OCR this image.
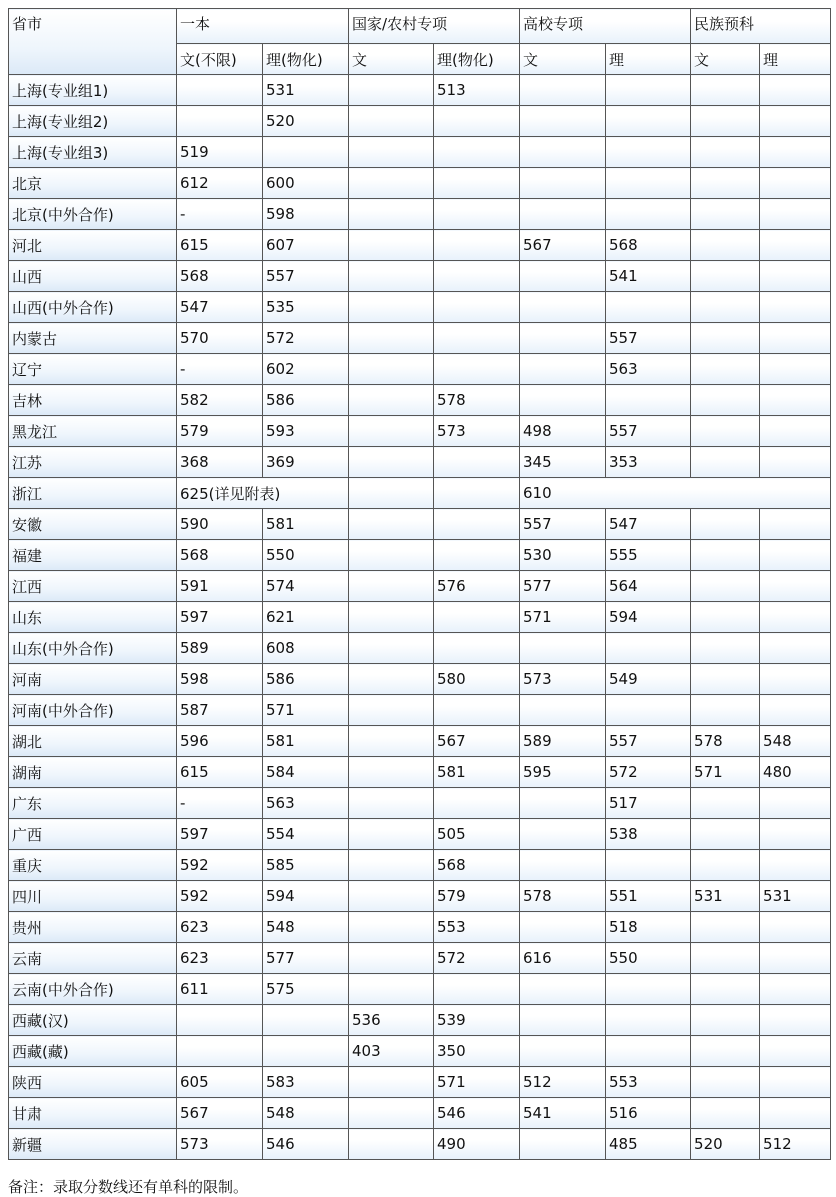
省市	一本		国家/农村专项		高校专项		民族预科	
	文(不限)	理(物化)	文	理(物化)	文	理	文	理
上海(专业组1)		531		513				
上海(专业组2)		520						
上海(专业组3)	519							
北京	612	600						
北京(中外合作)	-	598						
河北	615	607			567	568		
山西	568	557				541		
山西(中外合作)	547	535						
内蒙古	570	572				557		
辽宁	-	602				563		
吉林	582	586		578				
黑龙江	579	593		573	498	557		
江苏	368	369			345	353		
浙江	625(详见附表)				610			
安徽	590	581			557	547		
福建	568	550			530	555		
江西	591	574		576	577	564		
山东	597	621			571	594		
山东(中外合作)	589	608						
河南	598	586		580	573	549		
河南(中外合作)	587	571						
湖北	596	581		567	589	557	578	548
湖南	615	584		581	595	572	571	480
广东	-	563				517		
广西	597	554		505		538		
重庆	592	585		568				
四川	592	594		579	578	551	531	531
贵州	623	548		553		518		
云南	623	577		572	616	550		
云南(中外合作)	611	575						
西藏(汉)			536	539				
西藏(藏)			403	350				
陕西	605	583		571	512	553		
甘肃	567	548		546	541	516		
新疆	573	546		490		485	520	512
备注：录取分数线还有单科的限制。
